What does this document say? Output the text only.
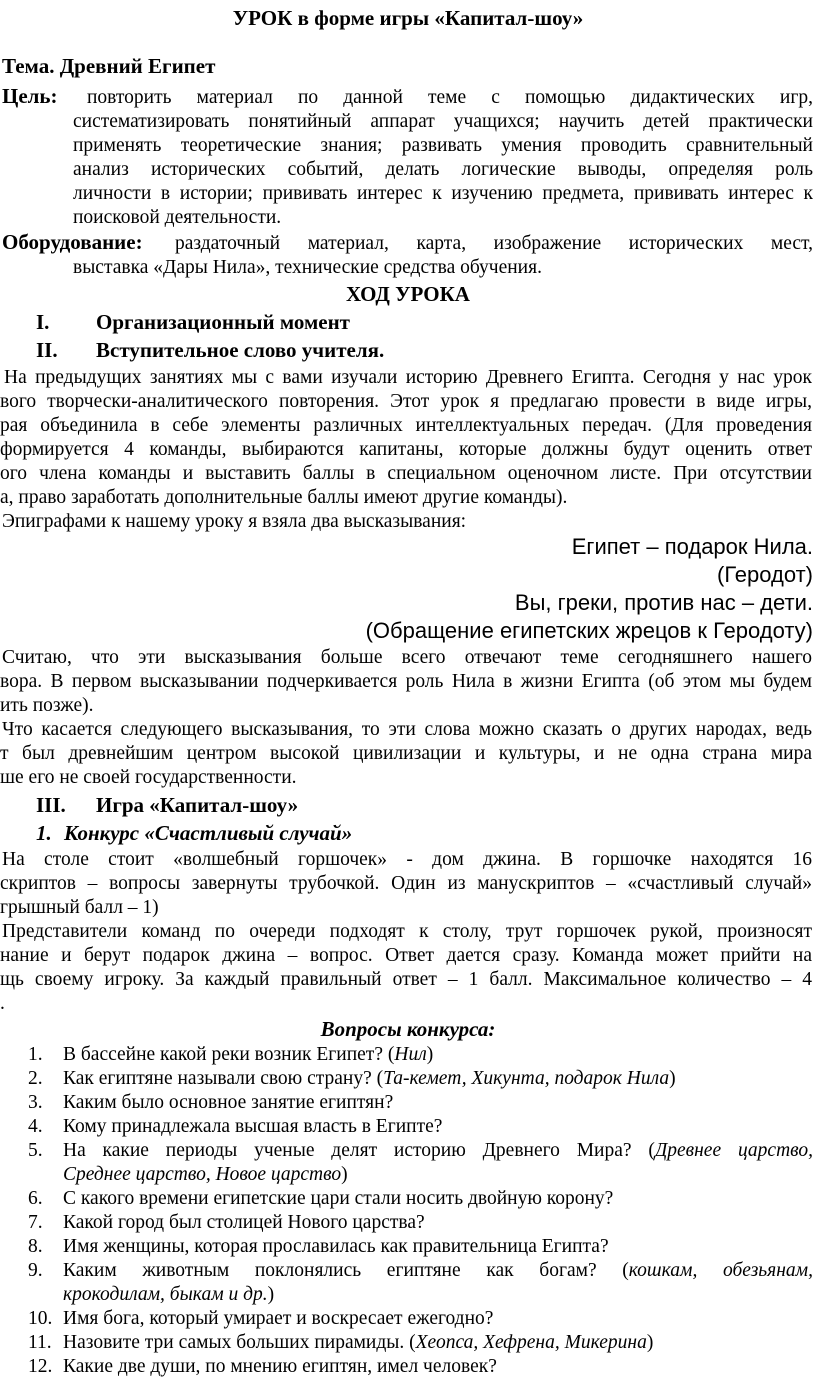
УРОК в форме игры «Капитал-шоу»
Тема. Древний Египет
Цель: повторить материал по данной теме с помощью дидактических игр,
систематизировать понятийный аппарат учащихся; научить детей практически
применять теоретические знания; развивать умения проводить сравнительный
анализ исторических событий, делать логические выводы, определяя роль
личности в истории; прививать интерес к изучению предмета, прививать интерес к
поисковой деятельности.
Оборудование: раздаточный материал, карта, изображение исторических мест,
выставка «Дары Нила», технические средства обучения.
ХОД УРОКА
I. Организационный момент
II. Вступительное слово учителя.
На предыдущих занятиях мы с вами изучали историю Древнего Египта. Сегодня у нас урок
вого творчески-аналитического повторения. Этот урок я предлагаю провести в виде игры,
рая объединила в себе элементы различных интеллектуальных передач. (Для проведения
формируется 4 команды, выбираются капитаны, которые должны будут оценить ответ
ого члена команды и выставить баллы в специальном оценочном листе. При отсутствии
а, право заработать дополнительные баллы имеют другие команды).
Эпиграфами к нашему уроку я взяла два высказывания:
Египет – подарок Нила.
(Геродот)
Вы, греки, против нас – дети.
(Обращение египетских жрецов к Геродоту)
Считаю, что эти высказывания больше всего отвечают теме сегодняшнего нашего
вора. В первом высказывании подчеркивается роль Нила в жизни Египта (об этом мы будем
ить позже).
Что касается следующего высказывания, то эти слова можно сказать о других народах, ведь
т был древнейшим центром высокой цивилизации и культуры, и не одна страна мира
ше его не своей государственности.
III. Игра «Капитал-шоу»
1. Конкурс «Счастливый случай»
На столе стоит «волшебный горшочек» - дом джина. В горшочке находятся 16
скриптов – вопросы завернуты трубочкой. Один из манускриптов – «счастливый случай»
грышный балл – 1)
Представители команд по очереди подходят к столу, трут горшочек рукой, произносят
нание и берут подарок джина – вопрос. Ответ дается сразу. Команда может прийти на
щь своему игроку. За каждый правильный ответ – 1 балл. Максимальное количество – 4
.
Вопросы конкурса:
1. В бассейне какой реки возник Египет? (Нил)
2. Как египтяне называли свою страну? (Та-кемет, Хикунта, подарок Нила)
3. Каким было основное занятие египтян?
4. Кому принадлежала высшая власть в Египте?
5. На какие периоды ученые делят историю Древнего Мира? (Древнее царство,
Среднее царство, Новое царство)
6. С какого времени египетские цари стали носить двойную корону?
7. Какой город был столицей Нового царства?
8. Имя женщины, которая прославилась как правительница Египта?
9. Каким животным поклонялись египтяне как богам? (кошкам, обезьянам,
крокодилам, быкам и др.)
10. Имя бога, который умирает и воскресает ежегодно?
11. Назовите три самых больших пирамиды. (Хеопса, Хефрена, Микерина)
12. Какие две души, по мнению египтян, имел человек?
